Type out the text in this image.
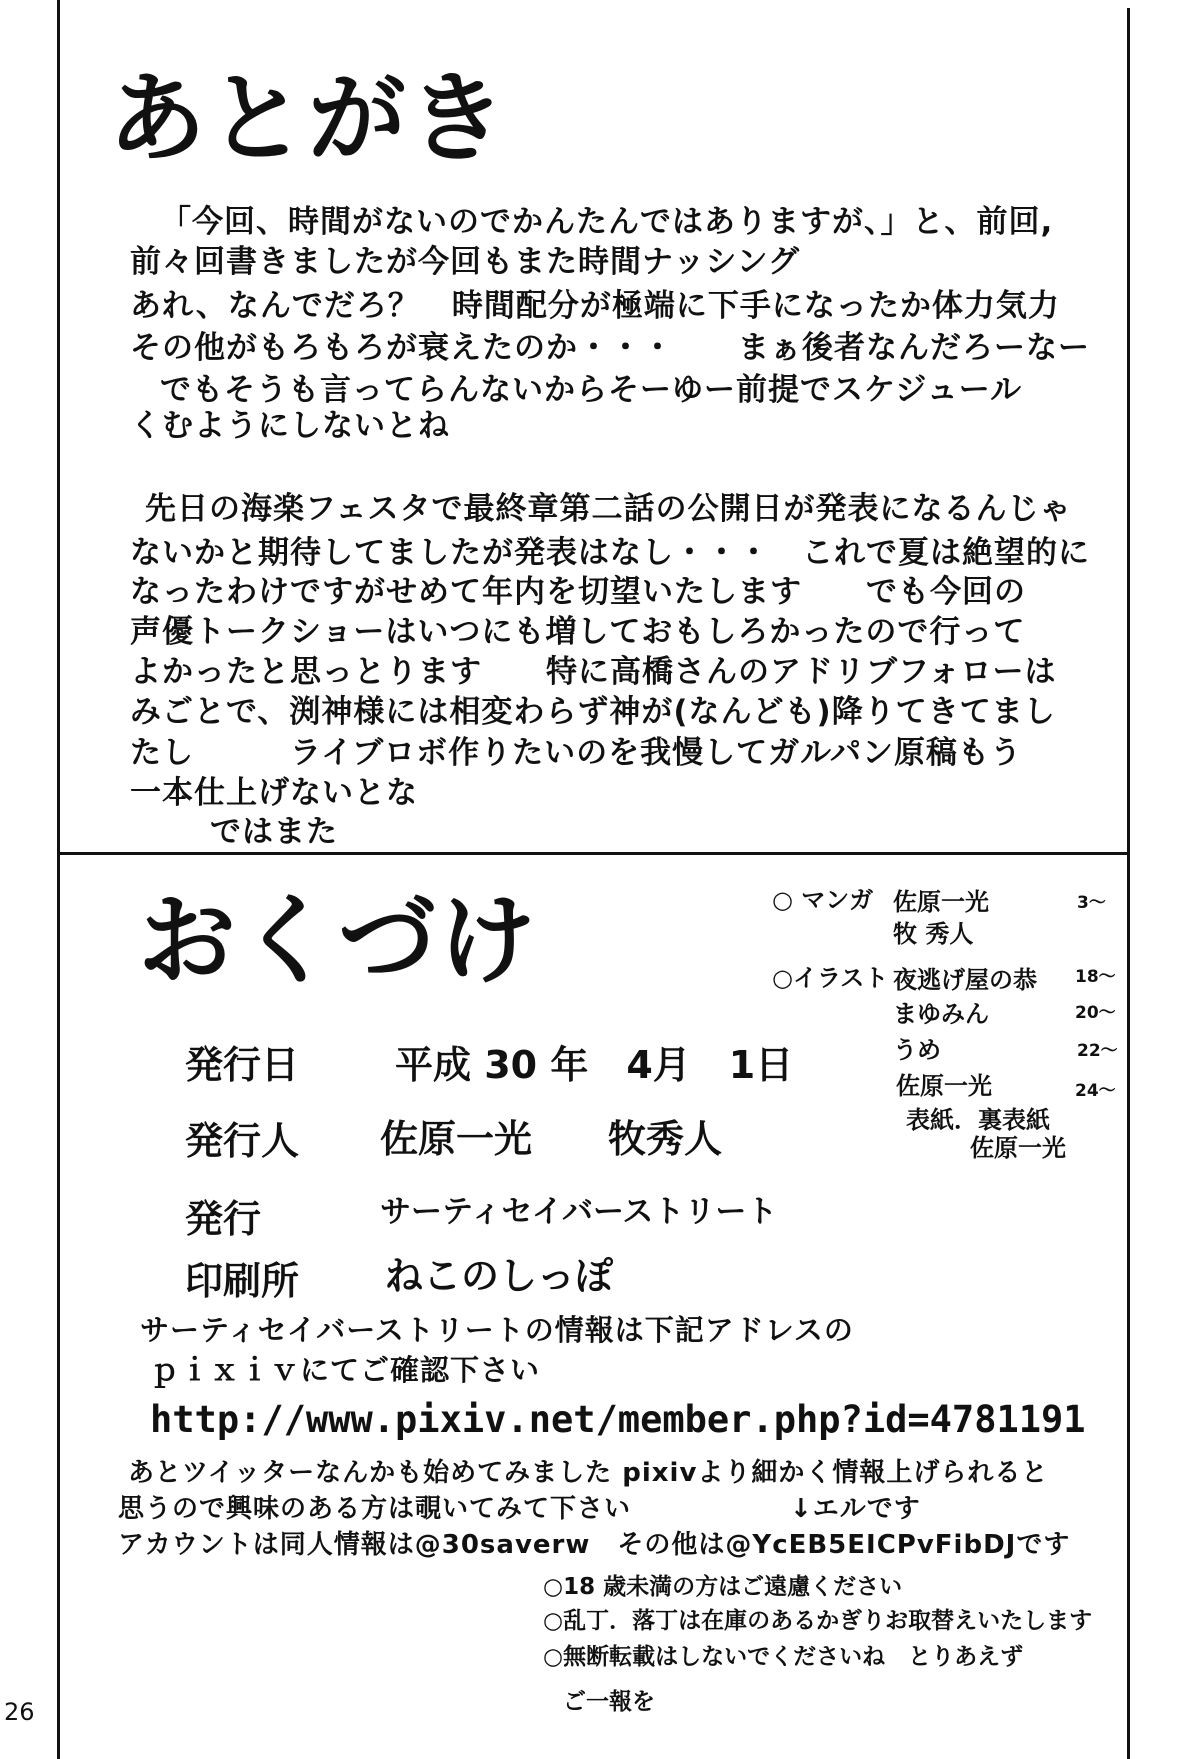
あとがき
「今回、時間がないのでかんたんではありますが、」と、前回,
前々回書きましたが今回もまた時間ナッシング
あれ、なんでだろ？　時間配分が極端に下手になったか体力気力
その他がもろもろが衰えたのか・・・　　まぁ後者なんだろーなー
でもそうも言ってらんないからそーゆー前提でスケジュール
くむようにしないとね
先日の海楽フェスタで最終章第二話の公開日が発表になるんじゃ
ないかと期待してましたが発表はなし・・・　これで夏は絶望的に
なったわけですがせめて年内を切望いたします　　でも今回の
声優トークショーはいつにも増しておもしろかったので行って
よかったと思っとります　　特に高橋さんのアドリブフォローは
みごとで、渕神様には相変わらず神が(なんども)降りてきてまし
たし　　　ライブロボ作りたいのを我慢してガルパン原稿もう
一本仕上げないとな
ではまた
おくづけ
発行日	平成 30 年　4月　1日
発行人 佐原一光　　牧秀人
発行	サーティセイバーストリート
印刷所 ねこのしっぽ
○ マンガ 佐原一光	3～
牧 秀人
○イラスト 夜逃げ屋の恭 18～
まゆみん	20～
うめ	22～
佐原一光	24～
表紙．裏表紙
佐原一光
サーティセイバーストリートの情報は下記アドレスの
ｐｉｘｉｖにてご確認下さい
http://www.pixiv.net/member.php?id=4781191
あとツイッターなんかも始めてみました pixivより細かく情報上げられると
思うので興味のある方は覗いてみて下さい	↓エルです
アカウントは同人情報は@30saverw　その他は@YcEB5EICPvFibDJです
○18 歳未満の方はご遠慮ください
○乱丁．落丁は在庫のあるかぎりお取替えいたします
○無断転載はしないでくださいね　とりあえず
ご一報を
26
